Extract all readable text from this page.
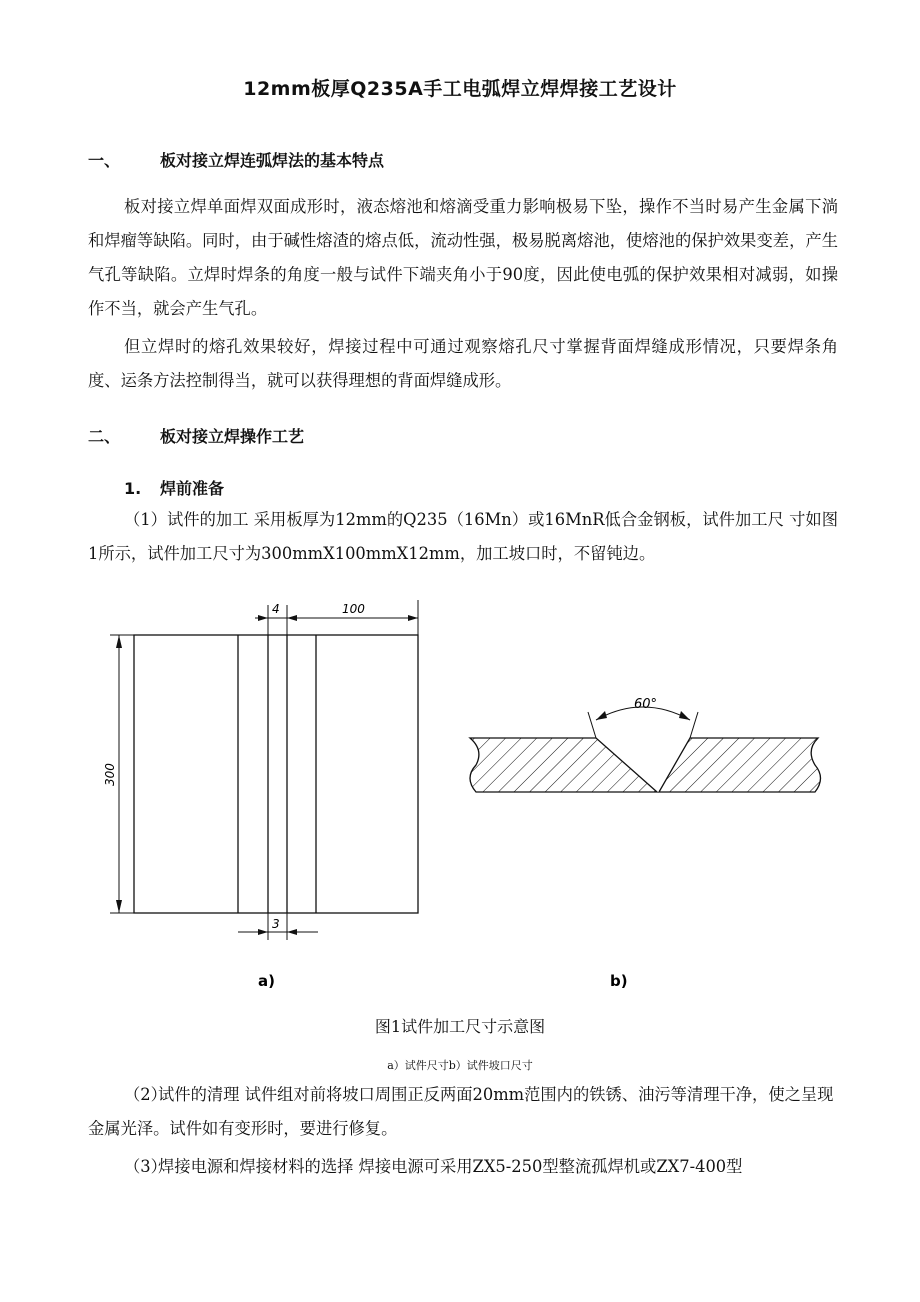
12mm板厚Q235A手工电弧焊立焊焊接工艺设计
一、 板对接立焊连弧焊法的基本特点
板对接立焊单面焊双面成形时，液态熔池和熔滴受重力影响极易下坠，操作不当时易产生金属下淌和焊瘤等缺陷。同时，由于碱性熔渣的熔点低，流动性强，极易脱离熔池，使熔池的保护效果变差，产生气孔等缺陷。立焊时焊条的角度一般与试件下端夹角小于90度，因此使电弧的保护效果相对减弱，如操作不当，就会产生气孔。
但立焊时的熔孔效果较好，焊接过程中可通过观察熔孔尺寸掌握背面焊缝成形情况，只要焊条角度、运条方法控制得当，就可以获得理想的背面焊缝成形。
二、 板对接立焊操作工艺
1. 焊前准备
（1）试件的加工 采用板厚为12mm的Q235（16Mn）或16MnR低合金钢板，试件加工尺 寸如图1所示，试件加工尺寸为300mmX100mmX12mm，加工坡口时，不留钝边。
4	100
300
3
60°
a)	b)
图1试件加工尺寸示意图
a）试件尺寸b）试件坡口尺寸
（2）试件的清理 试件组对前将坡口周围正反两面20mm范围内的铁锈、油污等清理干净，使之呈现金属光泽。试件如有变形时，要进行修复。
（3）焊接电源和焊接材料的选择 焊接电源可采用ZX5-250型整流孤焊机或ZX7-400型
